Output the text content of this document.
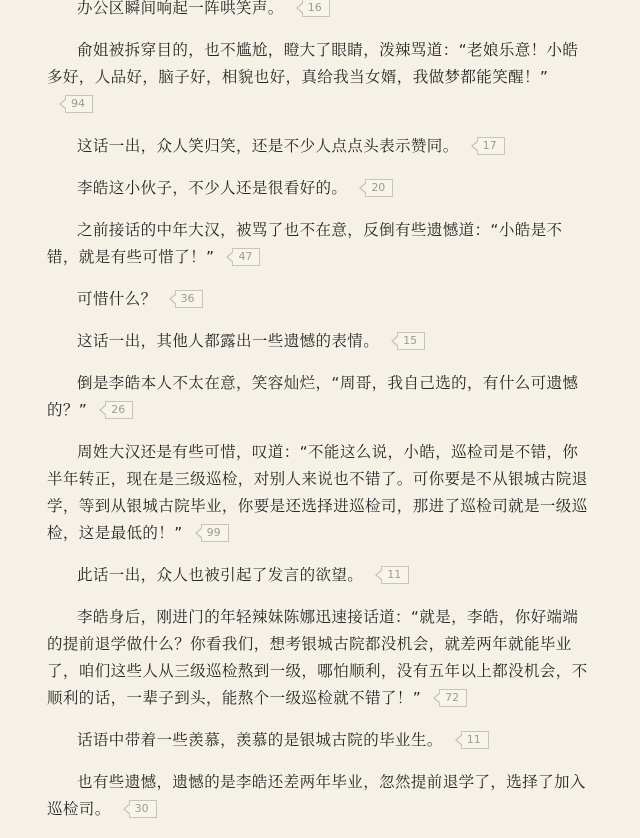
办公区瞬间响起一阵哄笑声。 16

俞姐被拆穿目的，也不尴尬，瞪大了眼睛，泼辣骂道：“老娘乐意！小皓多好，人品好，脑子好，相貌也好，真给我当女婿，我做梦都能笑醒！”94

这话一出，众人笑归笑，还是不少人点点头表示赞同。 17

李皓这小伙子，不少人还是很看好的。 20

之前接话的中年大汉，被骂了也不在意，反倒有些遗憾道：“小皓是不错，就是有些可惜了！” 47

可惜什么？ 36

这话一出，其他人都露出一些遗憾的表情。 15

倒是李皓本人不太在意，笑容灿烂，“周哥，我自己选的，有什么可遗憾的？” 26

周姓大汉还是有些可惜，叹道：“不能这么说，小皓，巡检司是不错，你半年转正，现在是三级巡检，对别人来说也不错了。可你要是不从银城古院退学，等到从银城古院毕业，你要是还选择进巡检司，那进了巡检司就是一级巡检，这是最低的！” 99

此话一出，众人也被引起了发言的欲望。 11

李皓身后，刚进门的年轻辣妹陈娜迅速接话道：“就是，李皓，你好端端的提前退学做什么？你看我们，想考银城古院都没机会，就差两年就能毕业了，咱们这些人从三级巡检熬到一级，哪怕顺利，没有五年以上都没机会，不顺利的话，一辈子到头，能熬个一级巡检就不错了！” 72

话语中带着一些羡慕，羡慕的是银城古院的毕业生。 11

也有些遗憾，遗憾的是李皓还差两年毕业，忽然提前退学了，选择了加入巡检司。 30
